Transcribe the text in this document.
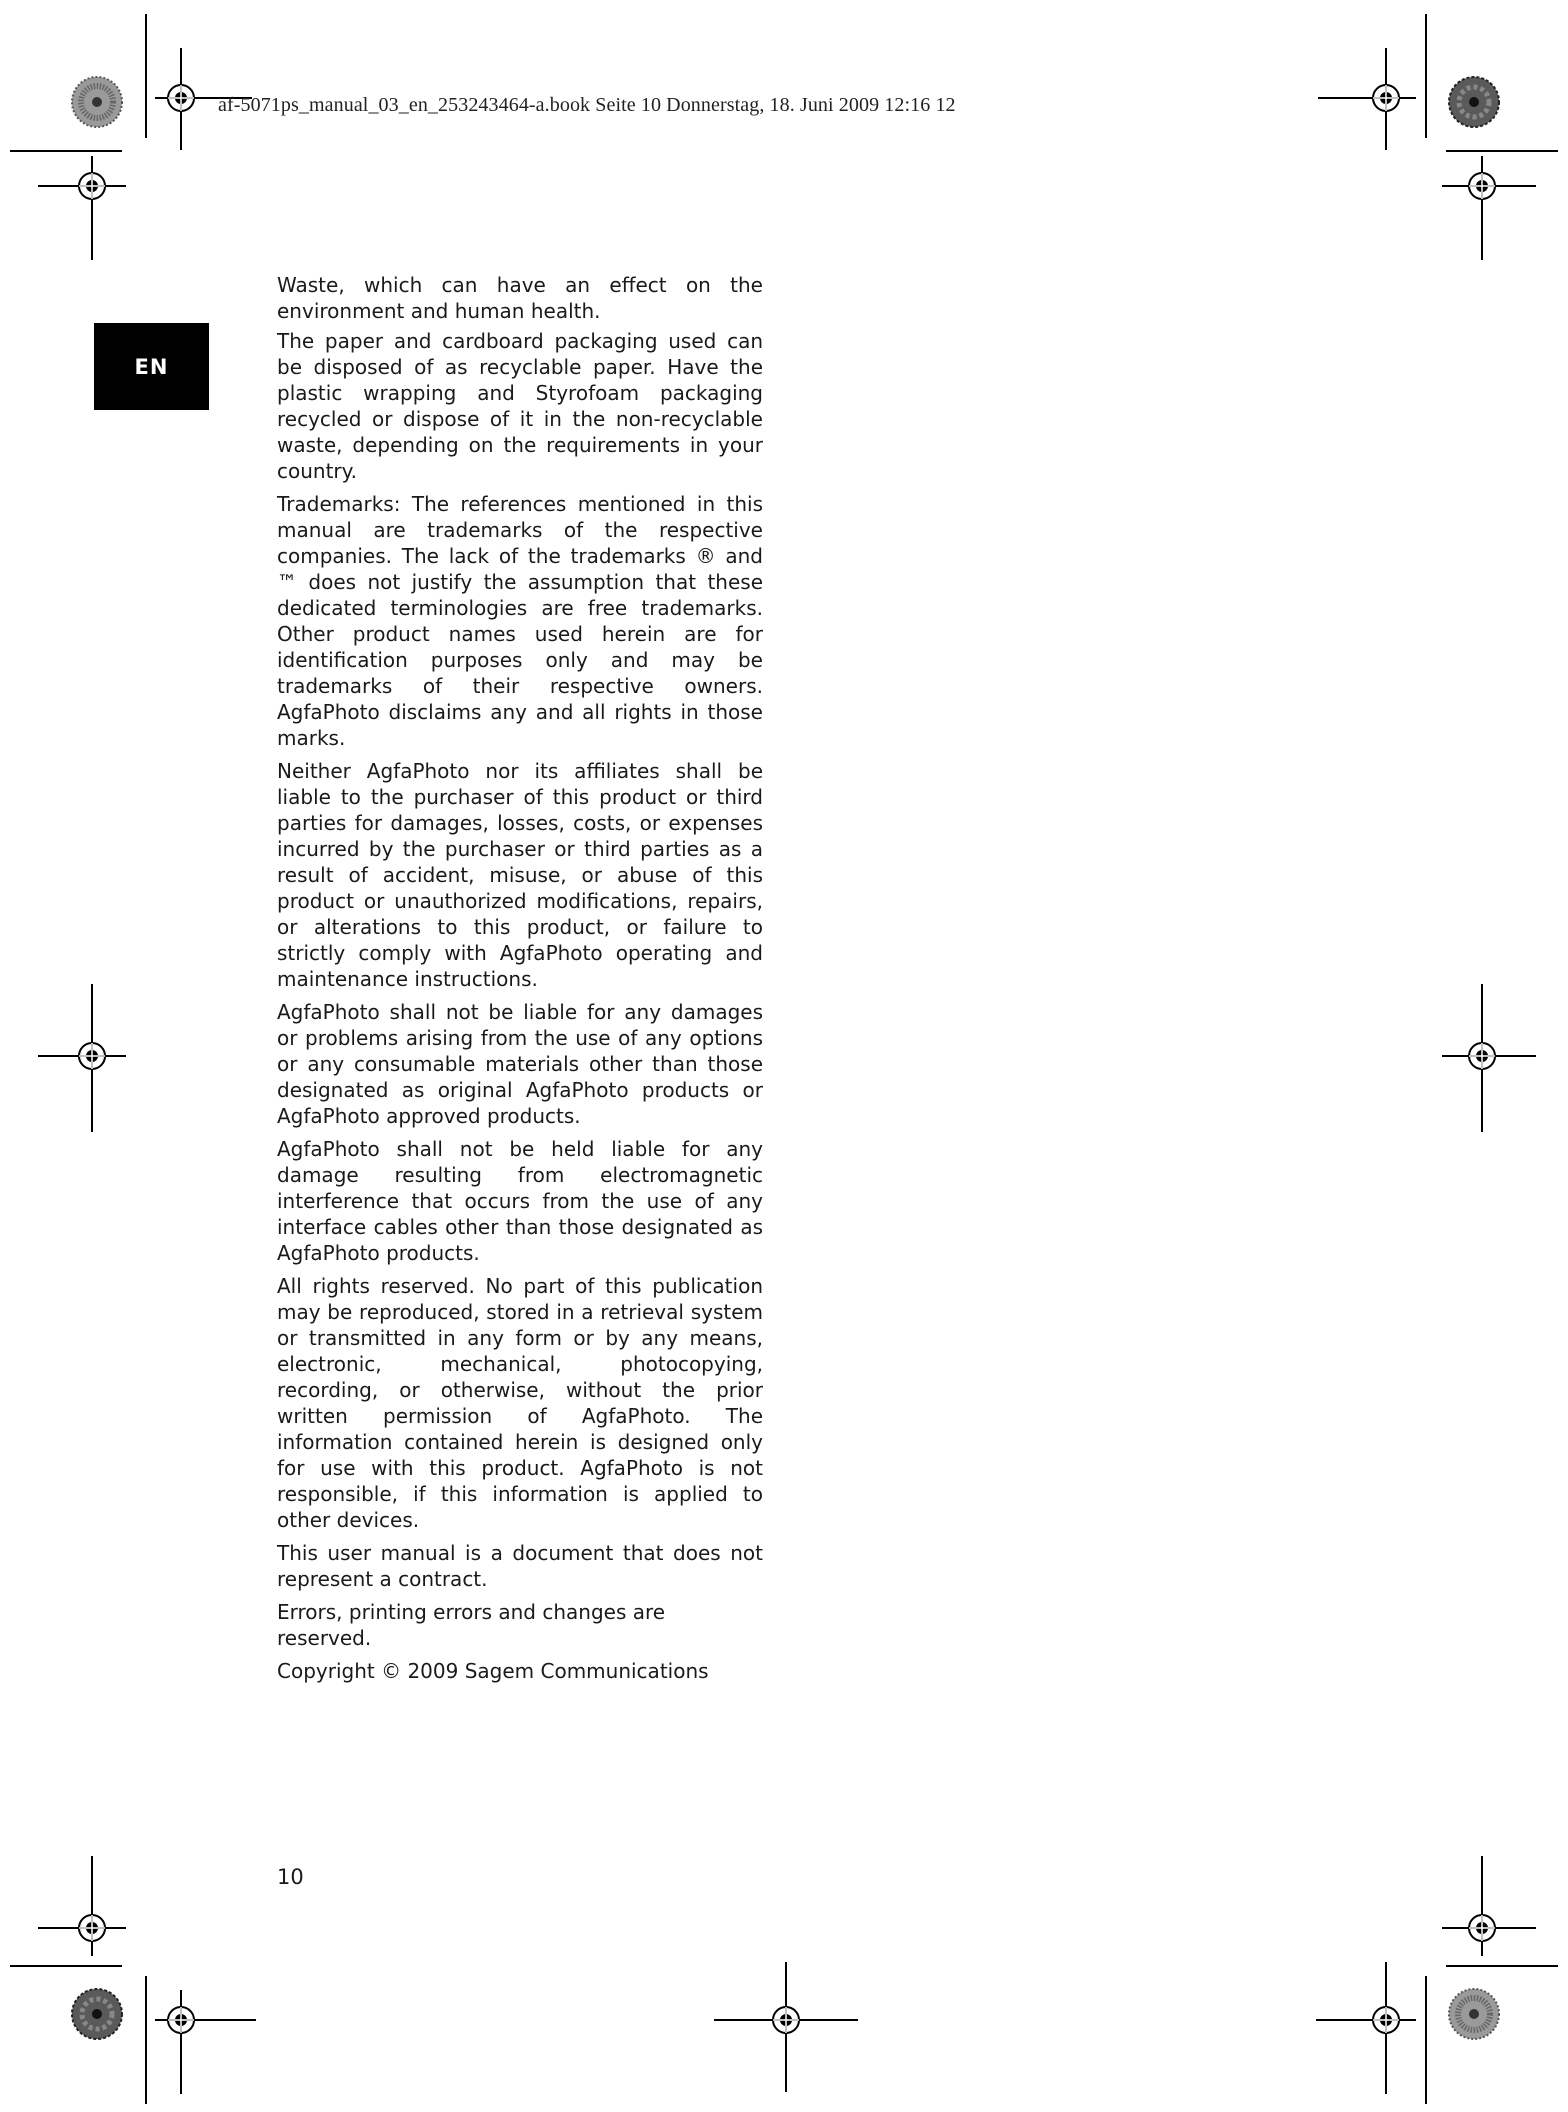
af-5071ps_manual_03_en_253243464-a.book Seite 10 Donnerstag, 18. Juni 2009 12:16 12
EN

Waste, which can have an effect on the environment and human health.

The paper and cardboard packaging used can be disposed of as recyclable paper. Have the plastic wrapping and Styrofoam packaging recycled or dispose of it in the non-recyclable waste, depending on the requirements in your country.

Trademarks: The references mentioned in this manual are trademarks of the respective companies. The lack of the trademarks ® and ™ does not justify the assumption that these dedicated terminologies are free trademarks. Other product names used herein are for identification purposes only and may be trademarks of their respective owners. AgfaPhoto disclaims any and all rights in those marks.

Neither AgfaPhoto nor its affiliates shall be liable to the purchaser of this product or third parties for damages, losses, costs, or expenses incurred by the purchaser or third parties as a result of accident, misuse, or abuse of this product or unauthorized modifications, repairs, or alterations to this product, or failure to strictly comply with AgfaPhoto operating and maintenance instructions.

AgfaPhoto shall not be liable for any damages or problems arising from the use of any options or any consumable materials other than those designated as original AgfaPhoto products or AgfaPhoto approved products.

AgfaPhoto shall not be held liable for any damage resulting from electromagnetic interference that occurs from the use of any interface cables other than those designated as AgfaPhoto products.

All rights reserved. No part of this publication may be reproduced, stored in a retrieval system or transmitted in any form or by any means, electronic, mechanical, photocopying, recording, or otherwise, without the prior written permission of AgfaPhoto. The information contained herein is designed only for use with this product. AgfaPhoto is not responsible, if this information is applied to other devices.

This user manual is a document that does not represent a contract.

Errors, printing errors and changes are reserved.

Copyright © 2009 Sagem Communications

10
